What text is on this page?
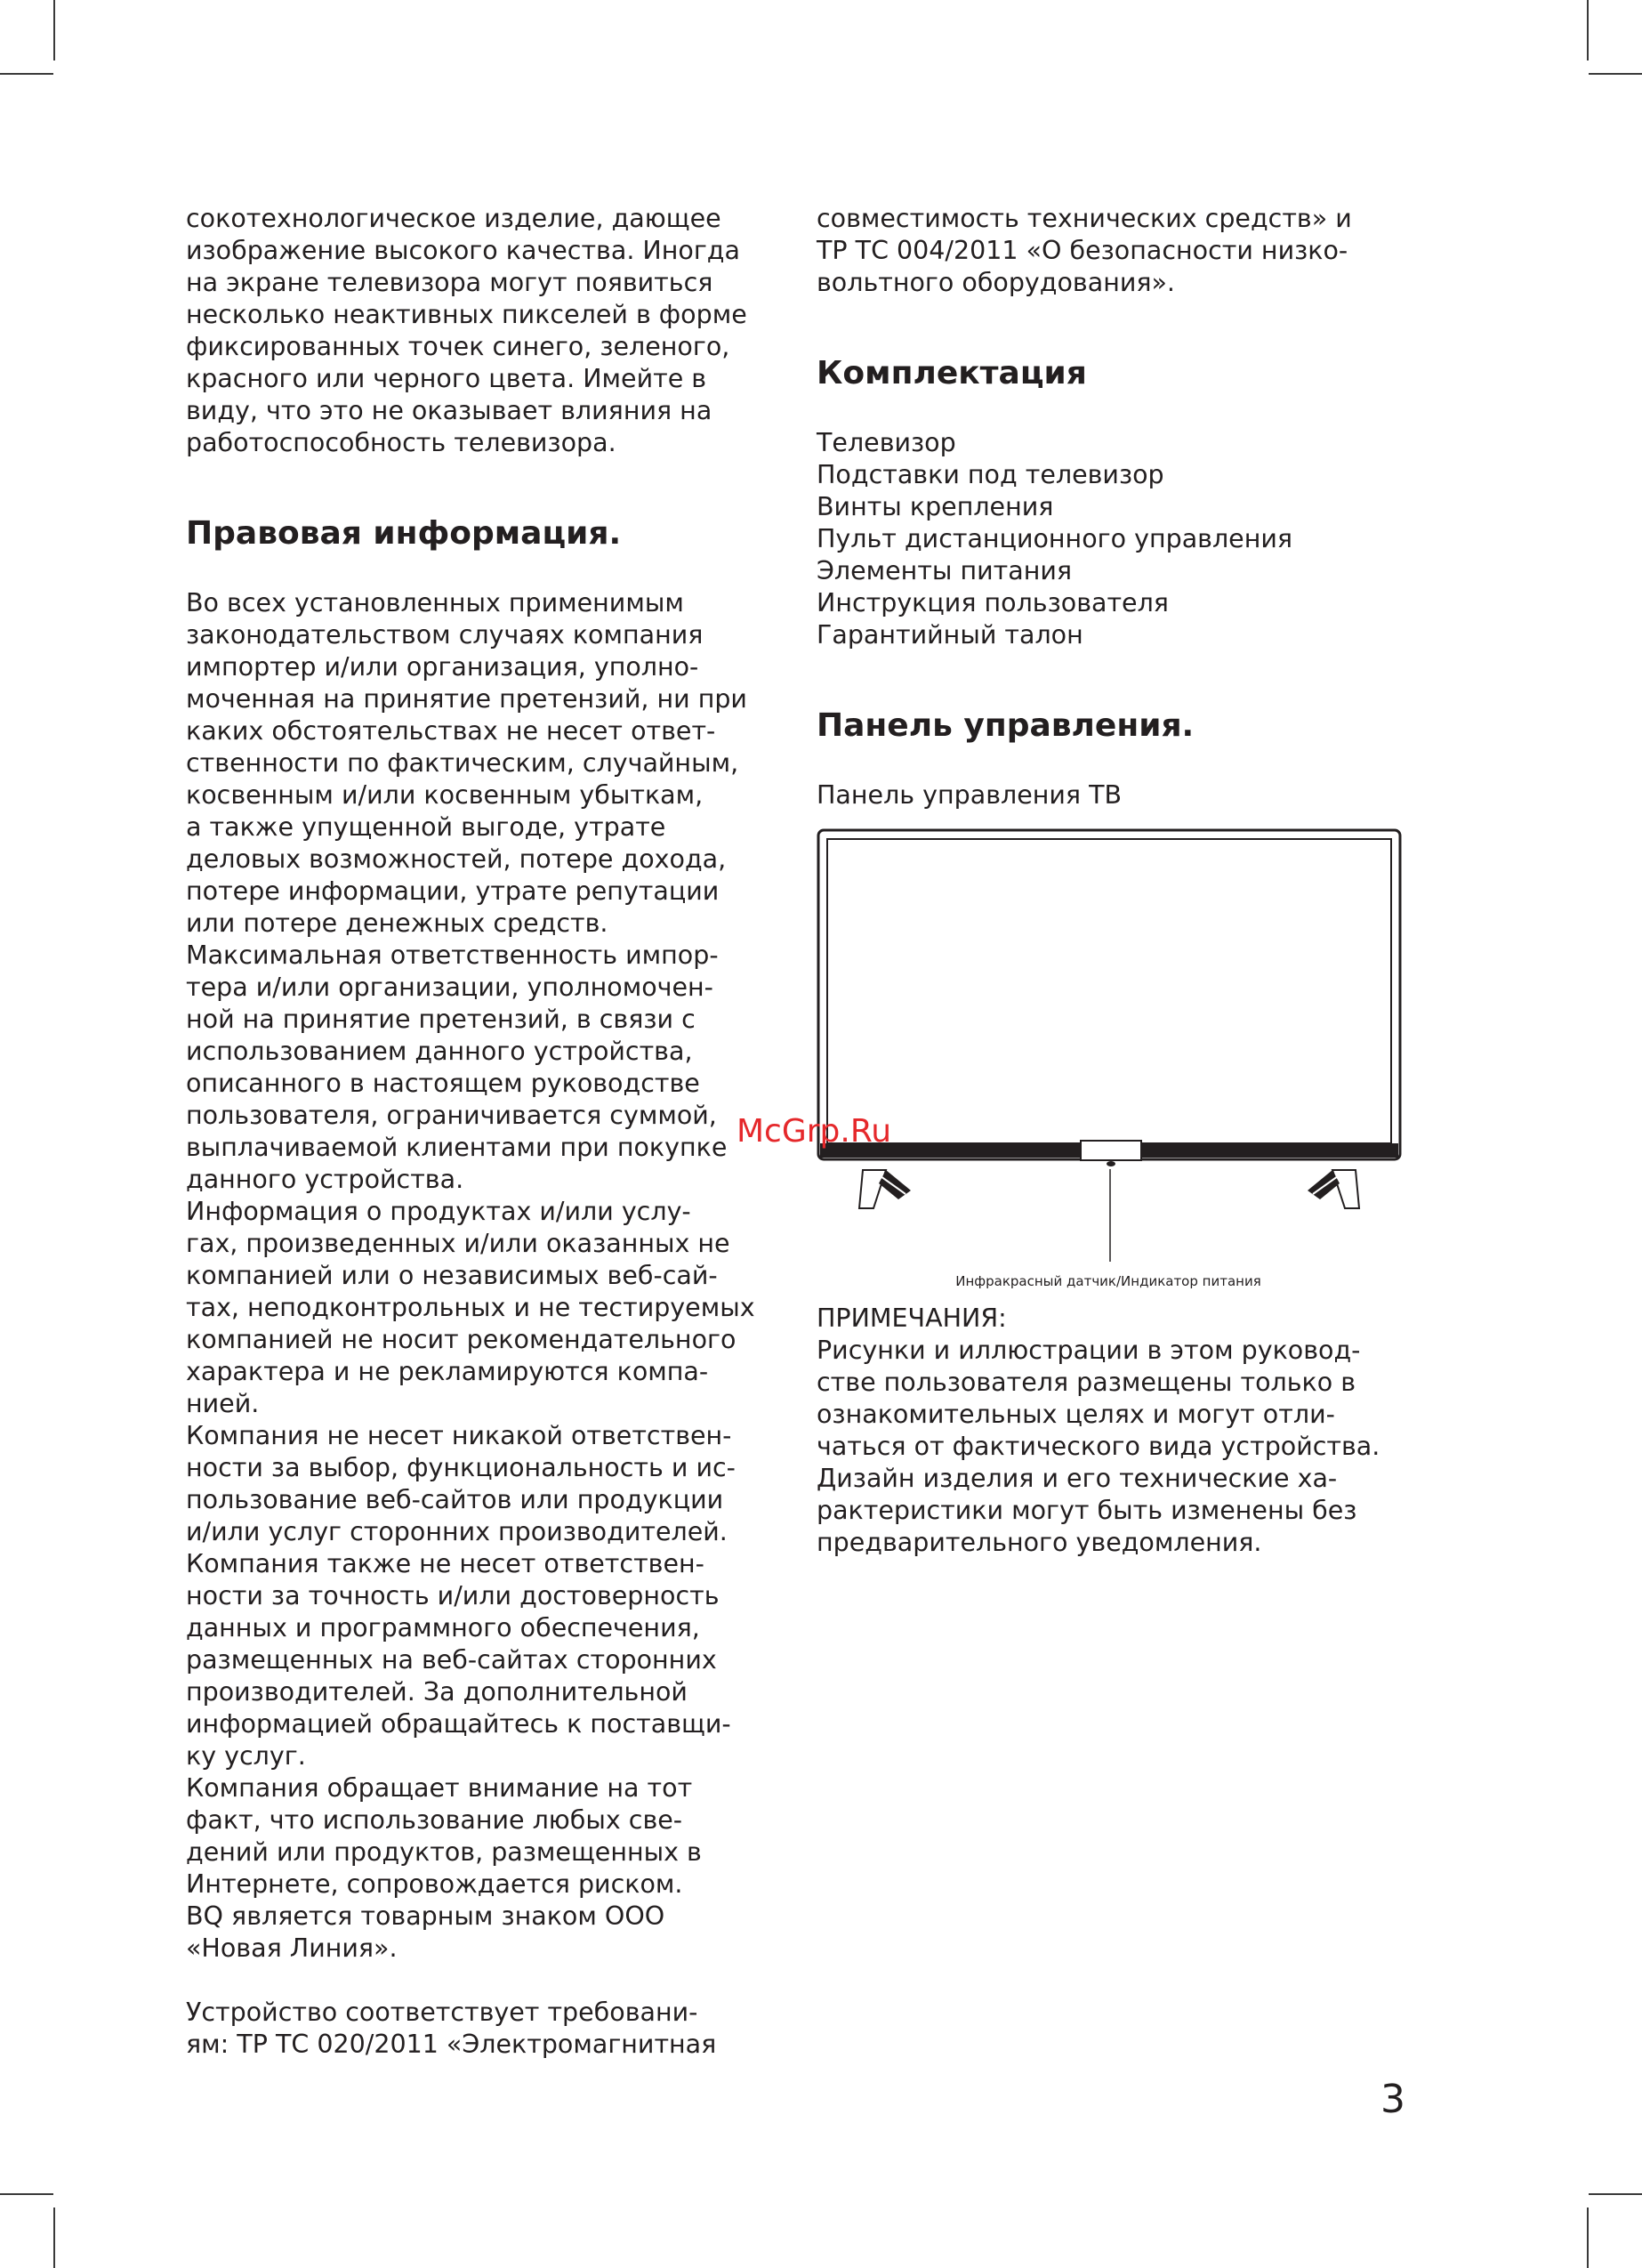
сокотехнологическое изделие, дающее

изображение высокого качества. Иногда

на экране телевизора могут появиться

несколько неактивных пикселей в форме

фиксированных точек синего, зеленого,

красного или черного цвета. Имейте в

виду, что это не оказывает влияния на

работоспособность телевизора.

Правовая информация.

Во всех установленных применимым

законодательством случаях компания

импортер и/или организация, уполно-

моченная на принятие претензий, ни при

каких обстоятельствах не несет ответ-

ственности по фактическим, случайным,

косвенным и/или косвенным убыткам,

а также упущенной выгоде, утрате

деловых возможностей, потере дохода,

потере информации, утрате репутации

или потере денежных средств.

Максимальная ответственность импор-

тера и/или организации, уполномочен-

ной на принятие претензий, в связи с

использованием данного устройства,

описанного в настоящем руководстве

пользователя, ограничивается суммой,

выплачиваемой клиентами при покупке

данного устройства.

Информация о продуктах и/или услу-

гах, произведенных и/или оказанных не

компанией или о независимых веб-сай-

тах, неподконтрольных и не тестируемых

компанией не носит рекомендательного

характера и не рекламируются компа-

нией.

Компания не несет никакой ответствен-

ности за выбор, функциональность и ис-

пользование веб-сайтов или продукции

и/или услуг сторонних производителей.

Компания также не несет ответствен-

ности за точность и/или достоверность

данных и программного обеспечения,

размещенных на веб-сайтах сторонних

производителей. За дополнительной

информацией обращайтесь к поставщи-

ку услуг.

Компания обращает внимание на тот

факт, что использование любых све-

дений или продуктов, размещенных в

Интернете, сопровождается риском.

BQ является товарным знаком ООО

«Новая Линия».

Устройство соответствует требовани-

ям: ТР ТС 020/2011 «Электромагнитная

совместимость технических средств» и

ТР ТС 004/2011 «О безопасности низко-

вольтного оборудования».

Комплектация
Телевизор
Подставки под телевизор
Винты крепления
Пульт дистанционного управления
Элементы питания
Инструкция пользователя
Гарантийный талон
Панель управления.

Панель управления ТВ

Инфракрасный датчик/Индикатор питания

ПРИМЕЧАНИЯ:

Рисунки и иллюстрации в этом руковод-

стве пользователя размещены только в

ознакомительных целях и могут отли-

чаться от фактического вида устройства.

Дизайн изделия и его технические ха-

рактеристики могут быть изменены без

предварительного уведомления.

McGrp.Ru
3
